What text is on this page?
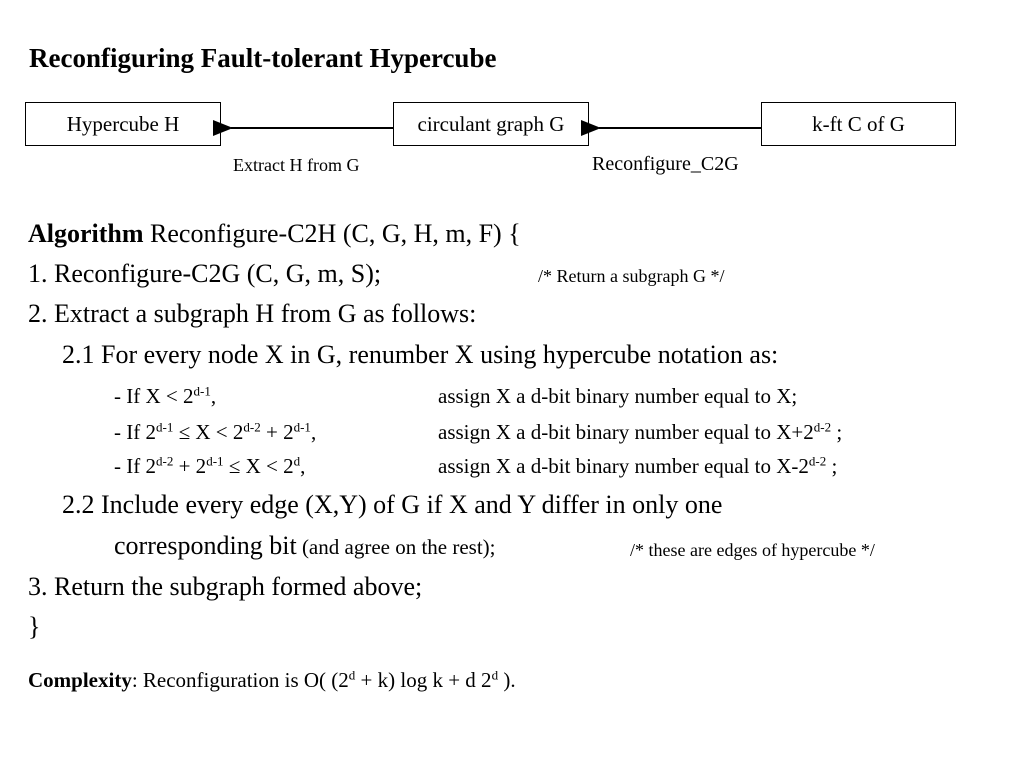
Reconfiguring Fault-tolerant Hypercube
Hypercube H	circulant graph G	k-ft C of G
Extract H from G	Reconfigure_C2G
Algorithm Reconfigure-C2H (C, G, H, m, F) {
1. Reconfigure-C2G (C, G, m, S);	/* Return a subgraph G */
2. Extract a subgraph H from G as follows:
2.1 For every node X in G, renumber X using hypercube notation as:
- If $X < 2^{d-1}$,	assign X a d-bit binary number equal to X;
- If $2^{d-1} \le X < 2^{d-2} + 2^{d-1}$,	assign X a d-bit binary number equal to $X+2^{d-2}$ ;
- If $2^{d-2} + 2^{d-1} \le X < 2^d$,	assign X a d-bit binary number equal to X-2$^{d-2}$ ;
2.2 Include every edge (X,Y) of G if X and Y differ in only one
corresponding bit (and agree on the rest);	/* these are edges of hypercube */
3. Return the subgraph formed above;
}
Complexity: Reconfiguration is O( $(2^d + k)$ log k + d 2$^d$ ).
